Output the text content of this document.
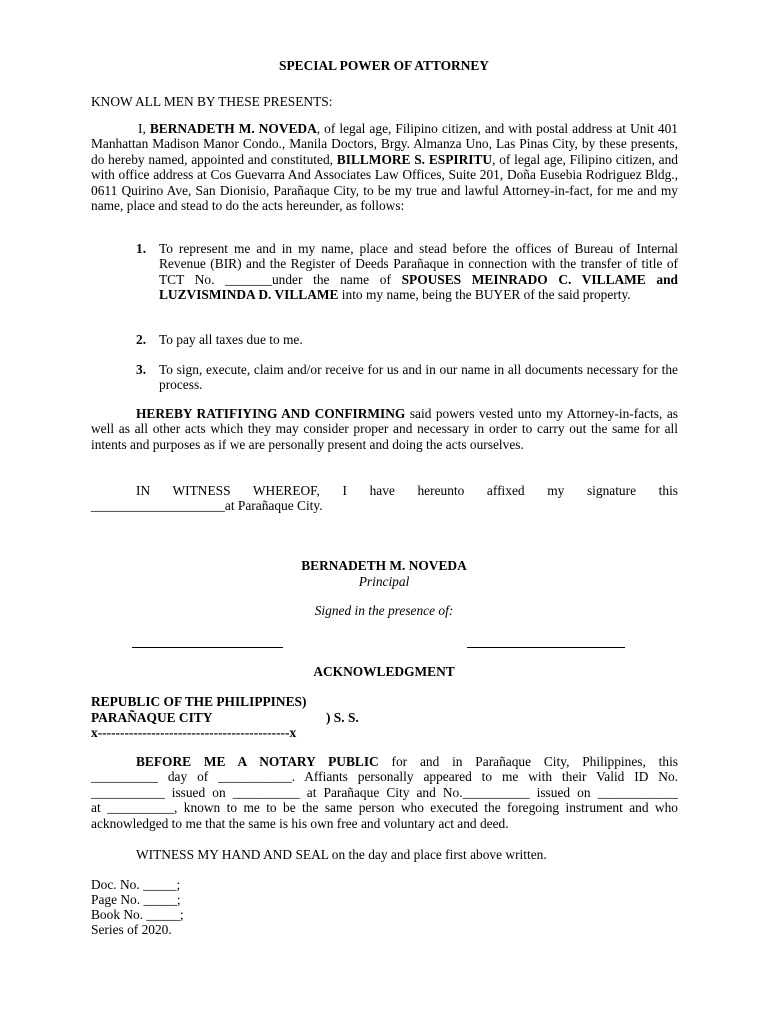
SPECIAL POWER OF ATTORNEY
KNOW ALL MEN BY THESE PRESENTS:
I, BERNADETH M. NOVEDA, of legal age, Filipino citizen, and with postal address at Unit 401 Manhattan Madison Manor Condo., Manila Doctors, Brgy. Almanza Uno, Las Pinas City, by these presents, do hereby named, appointed and constituted, BILLMORE S. ESPIRITU, of legal age, Filipino citizen, and with office address at Cos Guevarra And Associates Law Offices, Suite 201, Doña Eusebia Rodriguez Bldg., 0611 Quirino Ave, San Dionisio, Parañaque City, to be my true and lawful Attorney-in-fact, for me and my name, place and stead to do the acts hereunder, as follows:
1. To represent me and in my name, place and stead before the offices of Bureau of Internal Revenue (BIR) and the Register of Deeds Parañaque in connection with the transfer of title of TCT No. _______under the name of SPOUSES MEINRADO C. VILLAME and LUZVISMINDA D. VILLAME into my name, being the BUYER of the said property.
2. To pay all taxes due to me.
3. To sign, execute, claim and/or receive for us and in our name in all documents necessary for the process.
HEREBY RATIFIYING AND CONFIRMING said powers vested unto my Attorney-in-facts, as well as all other acts which they may consider proper and necessary in order to carry out the same for all intents and purposes as if we are personally present and doing the acts ourselves.
IN WITNESS WHEREOF, I have hereunto affixed my signature this
____________________at Parañaque City.
BERNADETH M. NOVEDA
Principal
Signed in the presence of:
ACKNOWLEDGMENT
REPUBLIC OF THE PHILIPPINES)
PARAÑAQUE CITY	) S. S.
x-------------------------------------------x
BEFORE ME A NOTARY PUBLIC for and in Parañaque City, Philippines, this
__________ day of ___________. Affiants personally appeared to me with their Valid ID No.
___________ issued on __________ at Parañaque City and No.__________ issued on ____________
at __________, known to me to be the same person who executed the foregoing instrument and who acknowledged to me that the same is his own free and voluntary act and deed.
WITNESS MY HAND AND SEAL on the day and place first above written.
Doc. No. _____;
Page No. _____;
Book No. _____;
Series of 2020.
